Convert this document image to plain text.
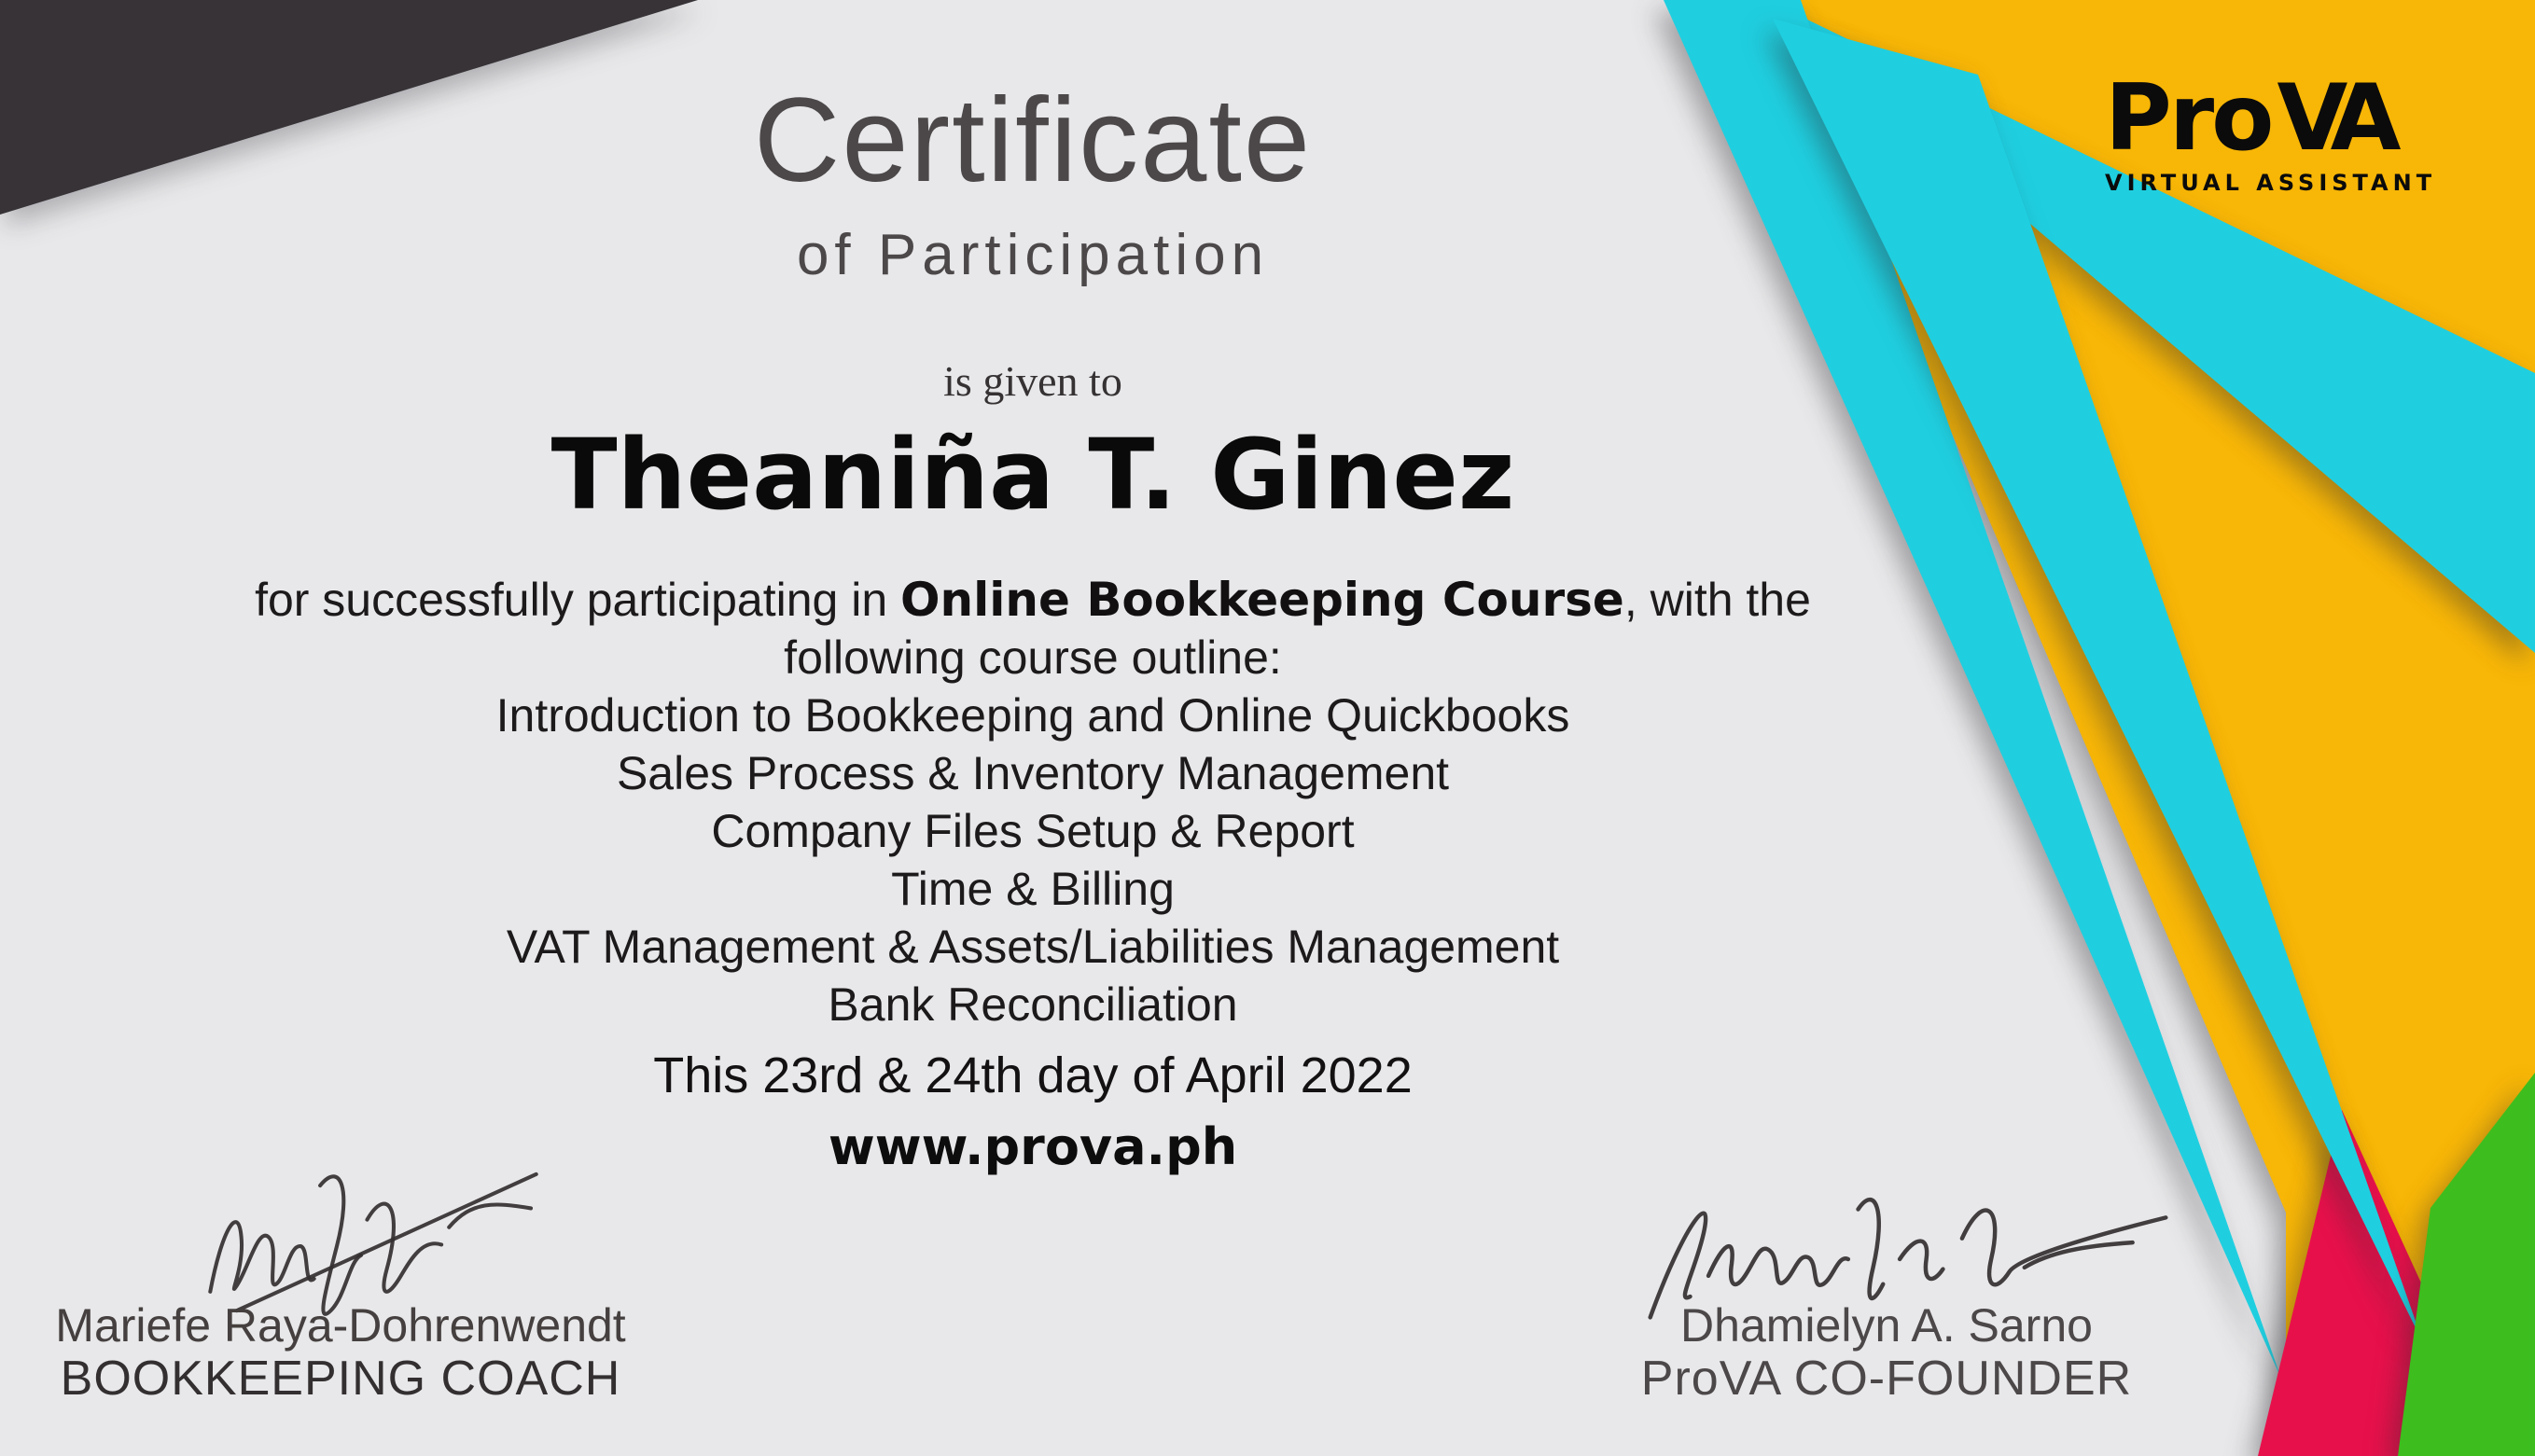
Certificate
of Participation
is given to
Theaniña T. Ginez
for successfully participating in Online Bookkeeping Course, with the
following course outline:
Introduction to Bookkeeping and Online Quickbooks
Sales Process & Inventory Management
Company Files Setup & Report
Time & Billing
VAT Management & Assets/Liabilities Management
Bank Reconciliation
This 23rd & 24th day of April 2022
www.prova.ph
Mariefe Raya-Dohrenwendt
BOOKKEEPING COACH
Dhamielyn A. Sarno
ProVA CO-FOUNDER
Pro VA
VIRTUAL ASSISTANT
